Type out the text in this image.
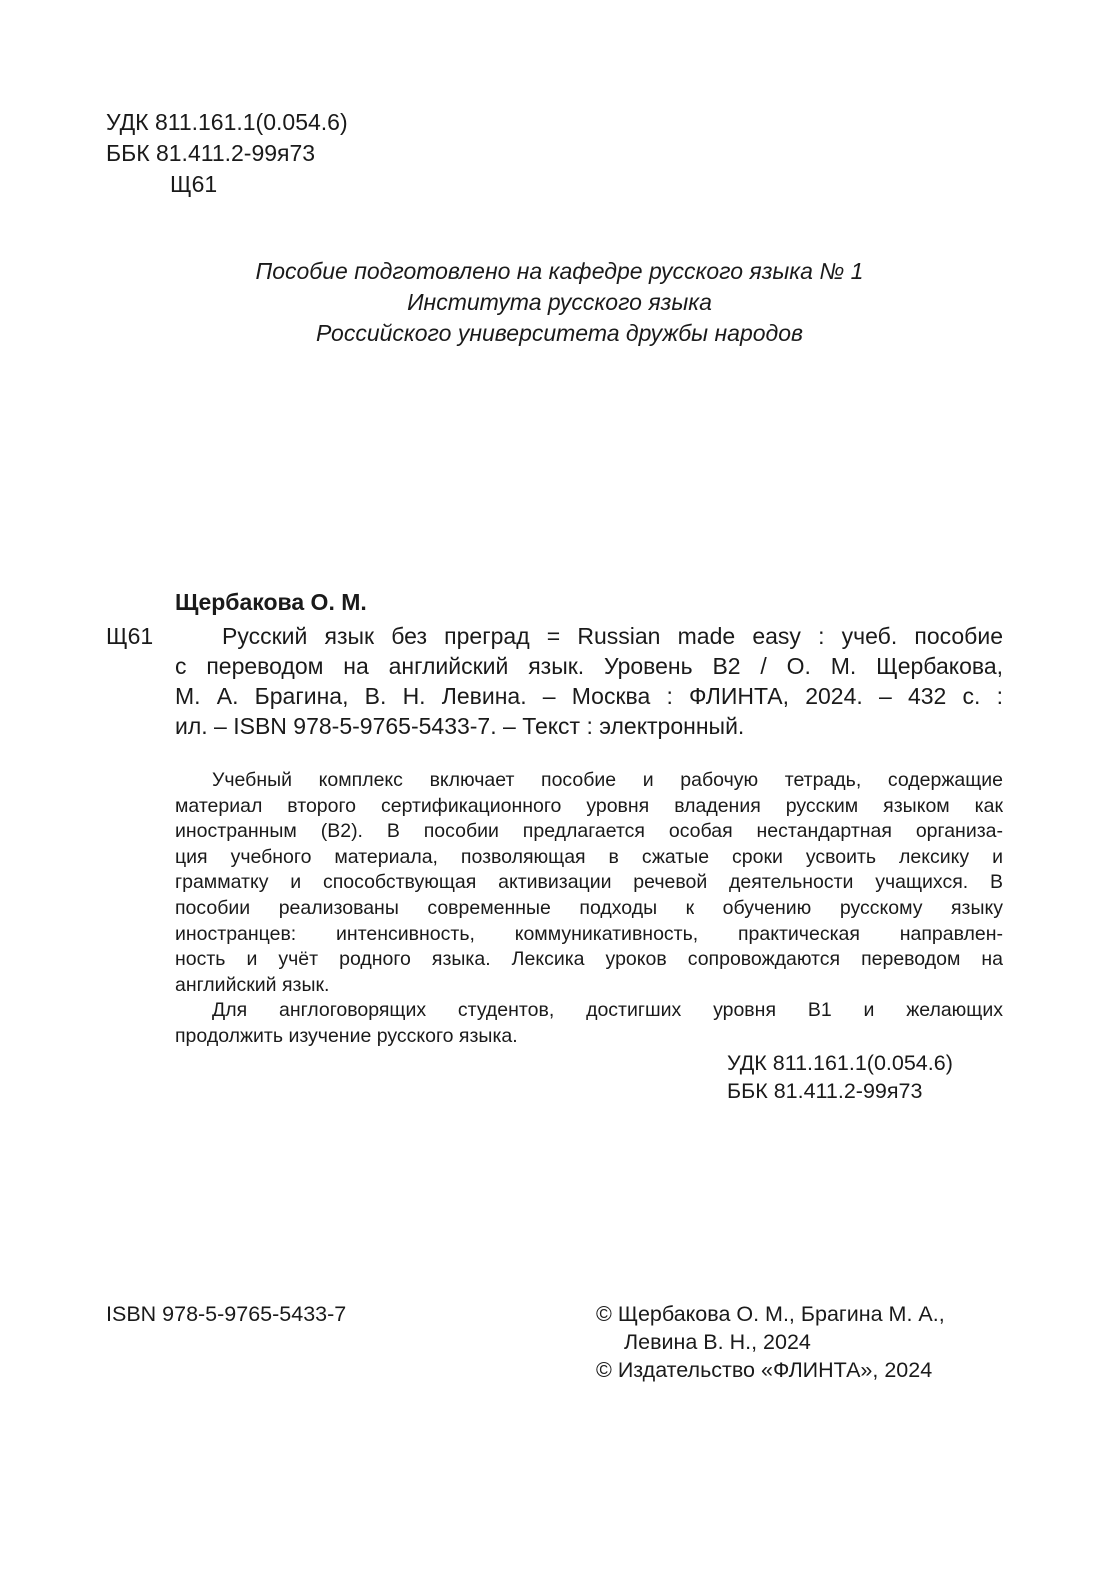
УДК 811.161.1(0.054.6)
ББК 81.411.2-99я73
Щ61
Пособие подготовлено на кафедре русского языка № 1
Института русского языка
Российского университета дружбы народов
Щербакова О. М.
Щ61	Русский язык без преград = Russian made easy : учеб. пособие
с переводом на английский язык. Уровень В2 / О. М. Щербакова,
М. А. Брагина, В. Н. Левина. – Москва : ФЛИНТА, 2024. – 432 с. :
ил. – ISBN 978-5-9765-5433-7. – Текст : электронный.
Учебный комплекс включает пособие и рабочую тетрадь, содержащие
материал второго сертификационного уровня владения русским языком как
иностранным (В2). В пособии предлагается особая нестандартная организа-
ция учебного материала, позволяющая в сжатые сроки усвоить лексику и
грамматку и способствующая активизации речевой деятельности учащихся. В
пособии реализованы современные подходы к обучению русскому языку
иностранцев: интенсивность, коммуникативность, практическая направлен-
ность и учёт родного языка. Лексика уроков сопровождаются переводом на
английский язык.
Для англоговорящих студентов, достигших уровня В1 и желающих
продолжить изучение русского языка.
УДК 811.161.1(0.054.6)
ББК 81.411.2-99я73
ISBN 978-5-9765-5433-7	© Щербакова О. М., Брагина М. А.,
Левина В. Н., 2024
© Издательство «ФЛИНТА», 2024
